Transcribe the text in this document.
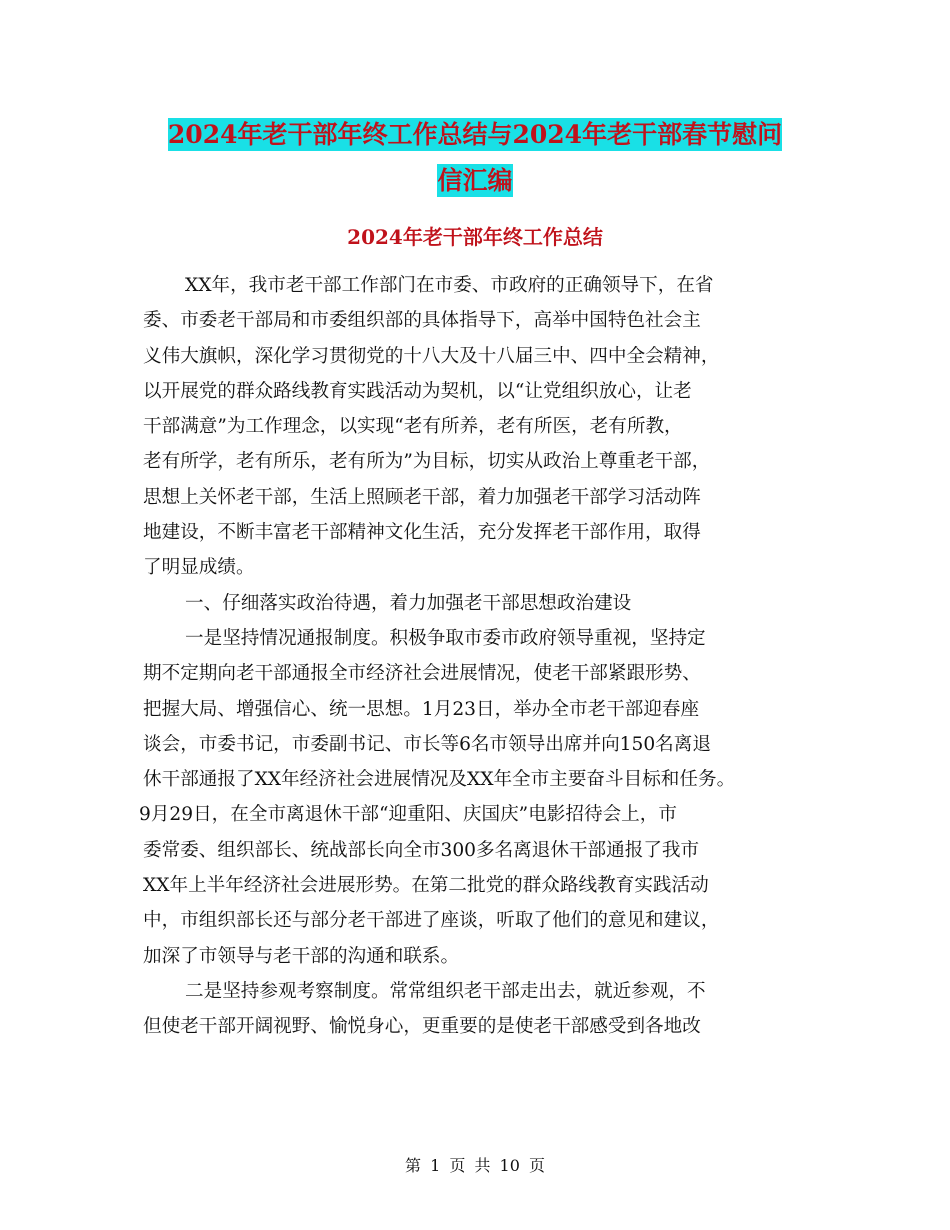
2024年老干部年终工作总结与2024年老干部春节慰问
信汇编
2024年老干部年终工作总结
XX年，我市老干部工作部门在市委、市政府的正确领导下，在省
委、市委老干部局和市委组织部的具体指导下，高举中国特色社会主
义伟大旗帜，深化学习贯彻党的十八大及十八届三中、四中全会精神，
以开展党的群众路线教育实践活动为契机，以“让党组织放心，让老
干部满意”为工作理念，以实现“老有所养，老有所医，老有所教，
老有所学，老有所乐，老有所为”为目标，切实从政治上尊重老干部，
思想上关怀老干部，生活上照顾老干部，着力加强老干部学习活动阵
地建设，不断丰富老干部精神文化生活，充分发挥老干部作用，取得
了明显成绩。
一、仔细落实政治待遇，着力加强老干部思想政治建设
一是坚持情况通报制度。积极争取市委市政府领导重视，坚持定
期不定期向老干部通报全市经济社会进展情况，使老干部紧跟形势、
把握大局、增强信心、统一思想。1月23日，举办全市老干部迎春座
谈会，市委书记，市委副书记、市长等6名市领导出席并向150名离退
休干部通报了XX年经济社会进展情况及XX年全市主要奋斗目标和任务。
9月29日，在全市离退休干部“迎重阳、庆国庆”电影招待会上，市
委常委、组织部长、统战部长向全市300多名离退休干部通报了我市
XX年上半年经济社会进展形势。在第二批党的群众路线教育实践活动
中，市组织部长还与部分老干部进了座谈，听取了他们的意见和建议，
加深了市领导与老干部的沟通和联系。
二是坚持参观考察制度。常常组织老干部走出去，就近参观，不
但使老干部开阔视野、愉悦身心，更重要的是使老干部感受到各地改
第 1 页 共 10 页
